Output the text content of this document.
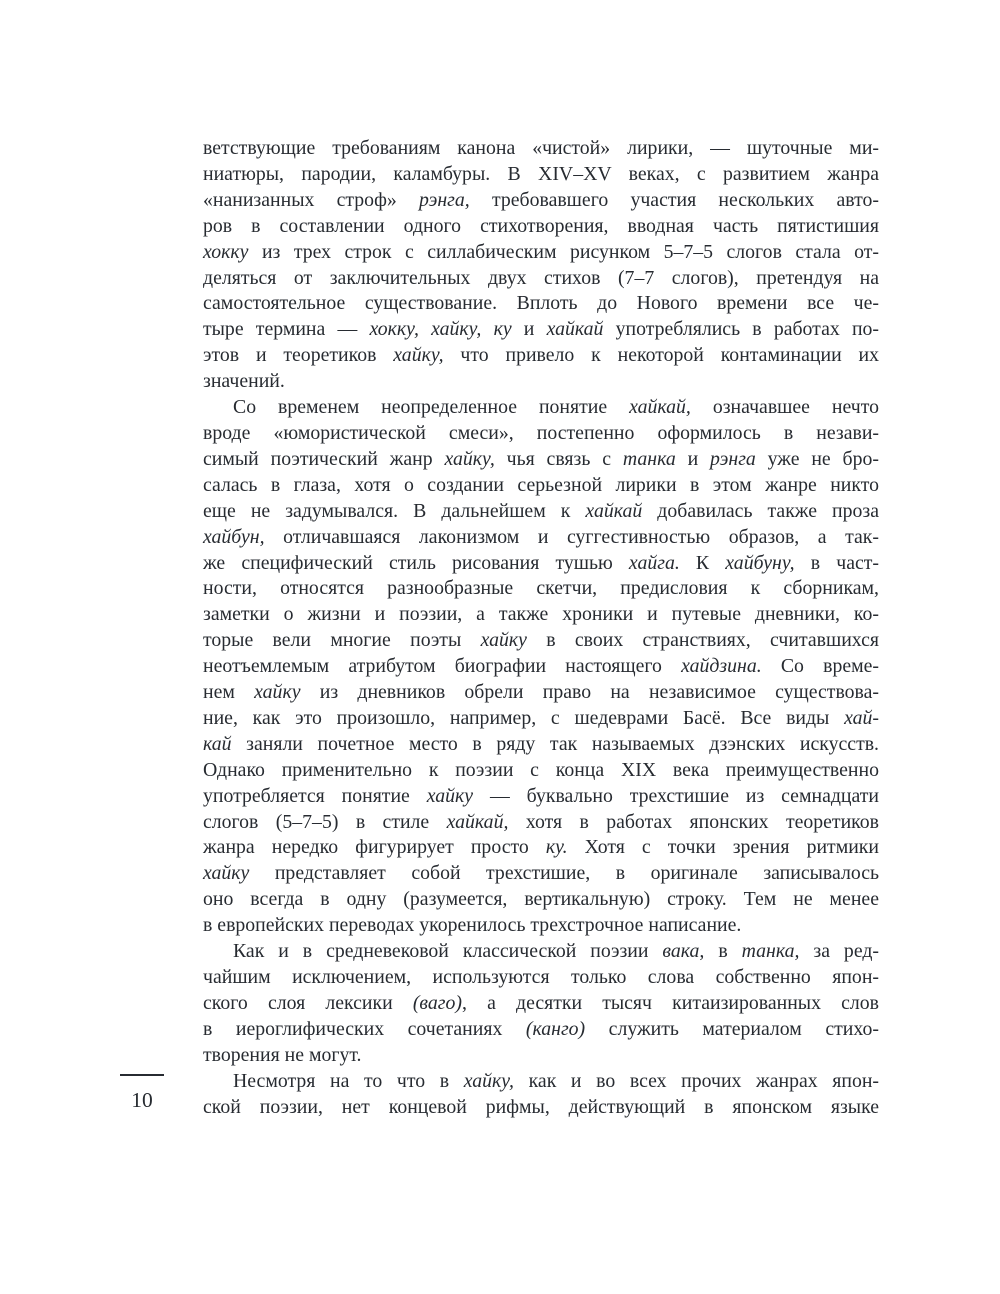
ветствующие требованиям канона «чистой» лирики, — шуточные ми-
ниатюры, пародии, каламбуры. В XIV–XV веках, с развитием жанра
«нанизанных строф» рэнга, требовавшего участия нескольких авто-
ров в составлении одного стихотворения, вводная часть пятистишия
хокку из трех строк с силлабическим рисунком 5–7–5 слогов стала от-
деляться от заключительных двух стихов (7–7 слогов), претендуя на
самостоятельное существование. Вплоть до Нового времени все че-
тыре термина — хокку, хайку, ку и хайкай употреблялись в работах по-
этов и теоретиков хайку, что привело к некоторой контаминации их
значений.
Со временем неопределенное понятие хайкай, означавшее нечто
вроде «юмористической смеси», постепенно оформилось в незави-
симый поэтический жанр хайку, чья связь с танка и рэнга уже не бро-
салась в глаза, хотя о создании серьезной лирики в этом жанре никто
еще не задумывался. В дальнейшем к хайкай добавилась также проза
хайбун, отличавшаяся лаконизмом и суггестивностью образов, а так-
же специфический стиль рисования тушью хайга. К хайбуну, в част-
ности, относятся разнообразные скетчи, предисловия к сборникам,
заметки о жизни и поэзии, а также хроники и путевые дневники, ко-
торые вели многие поэты хайку в своих странствиях, считавшихся
неотъемлемым атрибутом биографии настоящего хайдзина. Со време-
нем хайку из дневников обрели право на независимое существова-
ние, как это произошло, например, с шедеврами Басё. Все виды хай-
кай заняли почетное место в ряду так называемых дзэнских искусств.
Однако применительно к поэзии с конца XIX века преимущественно
употребляется понятие хайку — буквально трехстишие из семнадцати
слогов (5–7–5) в стиле хайкай, хотя в работах японских теоретиков
жанра нередко фигурирует просто ку. Хотя с точки зрения ритмики
хайку представляет собой трехстишие, в оригинале записывалось
оно всегда в одну (разумеется, вертикальную) строку. Тем не менее
в европейских переводах укоренилось трехстрочное написание.
Как и в средневековой классической поэзии вака, в танка, за ред-
чайшим исключением, используются только слова собственно япон-
ского слоя лексики (ваго), а десятки тысяч китаизированных слов
в иероглифических сочетаниях (канго) служить материалом стихо-
творения не могут.
Несмотря на то что в хайку, как и во всех прочих жанрах япон-
ской поэзии, нет концевой рифмы, действующий в японском языке
10
